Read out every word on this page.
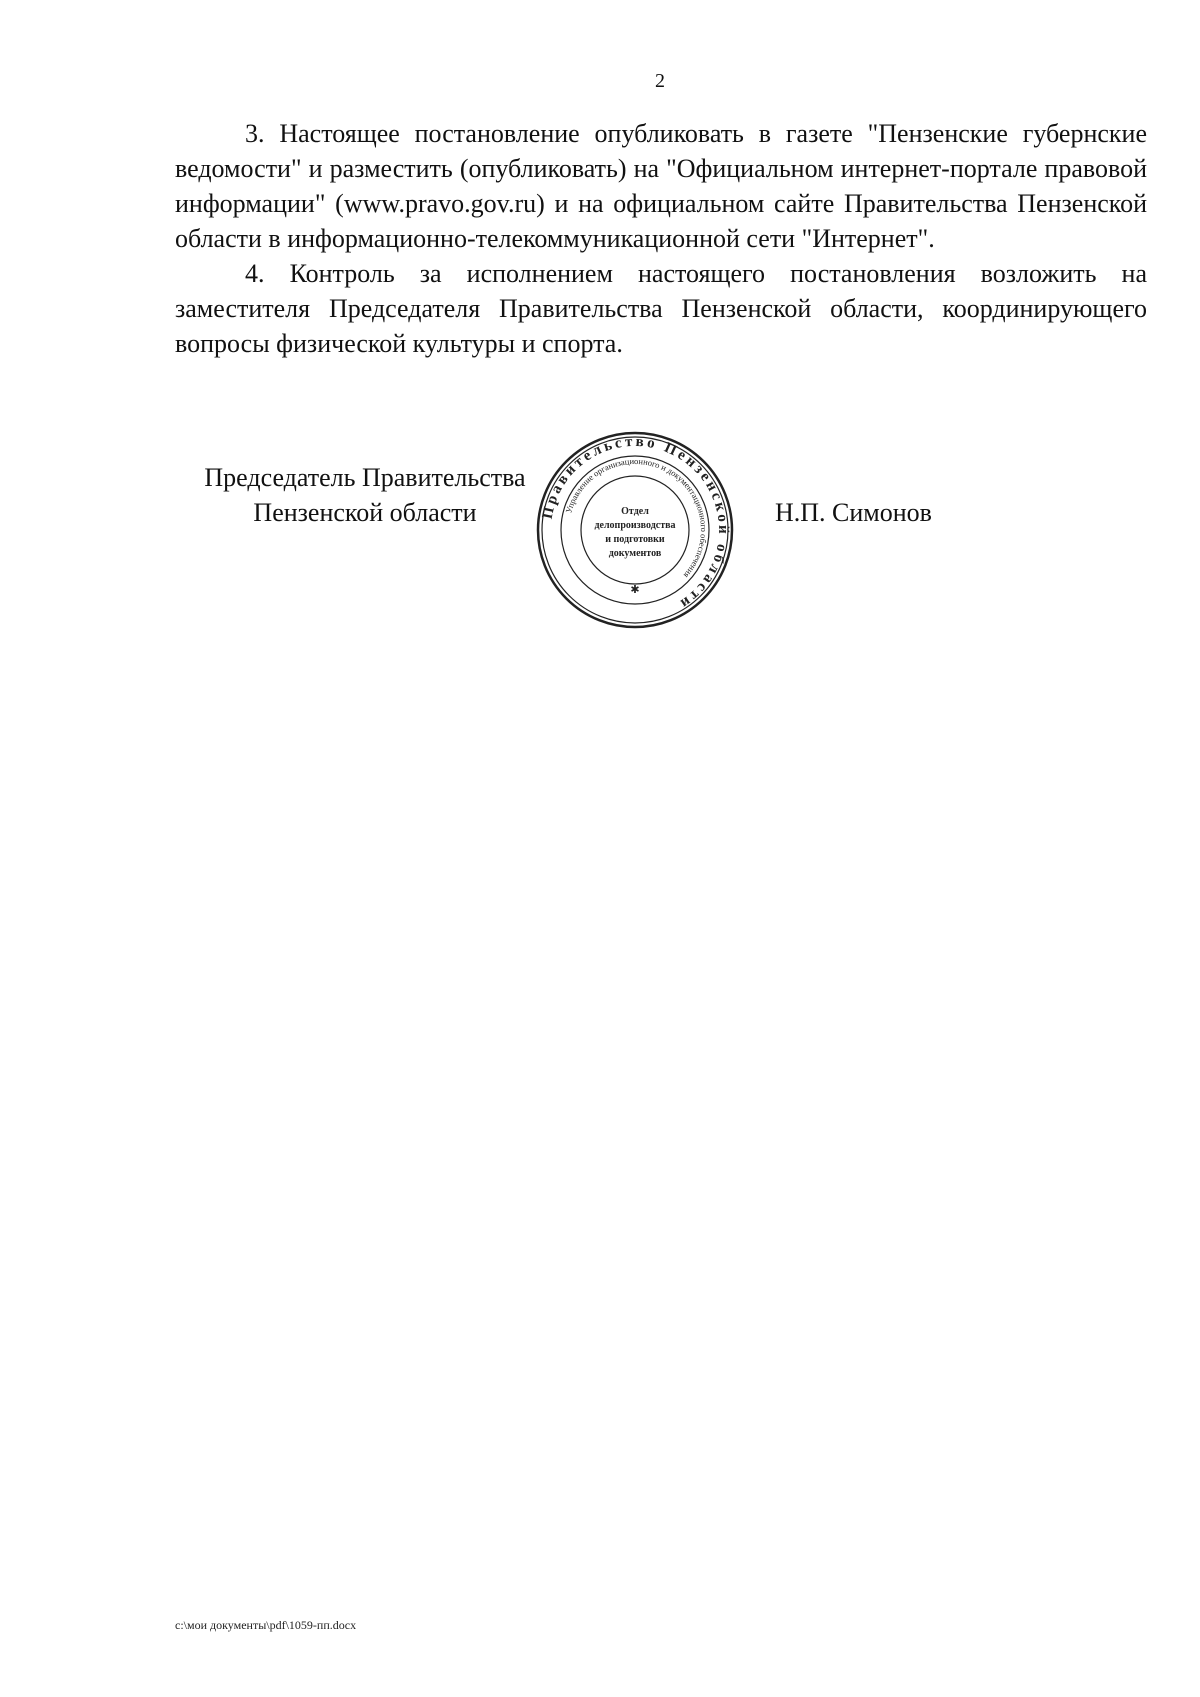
2

3. Настоящее постановление опубликовать в газете "Пензенские губернские ведомости" и разместить (опубликовать) на "Официальном интернет-портале правовой информации" (www.pravo.gov.ru) и на официальном сайте Правительства Пензенской области в информационно-телекоммуникационной сети "Интернет".

4. Контроль за исполнением настоящего постановления возложить на заместителя Председателя Правительства Пензенской области, координирующего вопросы физической культуры и спорта.

Председатель Правительства
Пензенской области	Правительство Пензенской области
Управление организационного и документационного обеспечения
Отдел
делопроизводства
и подготовки
документов
✱
Н.П. Симонов
c:\мои документы\pdf\1059-пп.docx
